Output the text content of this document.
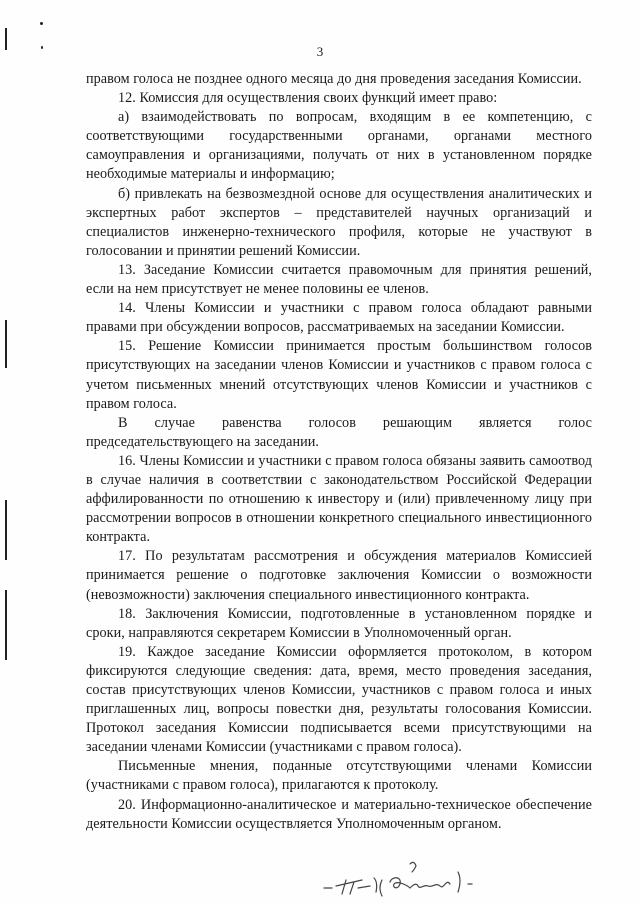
3

правом голоса не позднее одного месяца до дня проведения заседания Комиссии.

12. Комиссия для осуществления своих функций имеет право:

а) взаимодействовать по вопросам, входящим в ее компетенцию, с соответствующими государственными органами, органами местного самоуправления и организациями, получать от них в установленном порядке необходимые материалы и информацию;

б) привлекать на безвозмездной основе для осуществления аналитических и экспертных работ экспертов – представителей научных организаций и специалистов инженерно-технического профиля, которые не участвуют в голосовании и принятии решений Комиссии.

13. Заседание Комиссии считается правомочным для принятия решений, если на нем присутствует не менее половины ее членов.

14. Члены Комиссии и участники с правом голоса обладают равными правами при обсуждении вопросов, рассматриваемых на заседании Комиссии.

15. Решение Комиссии принимается простым большинством голосов присутствующих на заседании членов Комиссии и участников с правом голоса с учетом письменных мнений отсутствующих членов Комиссии и участников с правом голоса.

В случае равенства голосов решающим является голос председательствующего на заседании.

16. Члены Комиссии и участники с правом голоса обязаны заявить самоотвод в случае наличия в соответствии с законодательством Российской Федерации аффилированности по отношению к инвестору и (или) привлеченному лицу при рассмотрении вопросов в отношении конкретного специального инвестиционного контракта.

17. По результатам рассмотрения и обсуждения материалов Комиссией принимается решение о подготовке заключения Комиссии о возможности (невозможности) заключения специального инвестиционного контракта.

18. Заключения Комиссии, подготовленные в установленном порядке и сроки, направляются секретарем Комиссии в Уполномоченный орган.

19. Каждое заседание Комиссии оформляется протоколом, в котором фиксируются следующие сведения: дата, время, место проведения заседания, состав присутствующих членов Комиссии, участников с правом голоса и иных приглашенных лиц, вопросы повестки дня, результаты голосования Комиссии. Протокол заседания Комиссии подписывается всеми присутствующими на заседании членами Комиссии (участниками с правом голоса).

Письменные мнения, поданные отсутствующими членами Комиссии (участниками с правом голоса), прилагаются к протоколу.

20. Информационно-аналитическое и материально-техническое обеспечение деятельности Комиссии осуществляется Уполномоченным органом.
